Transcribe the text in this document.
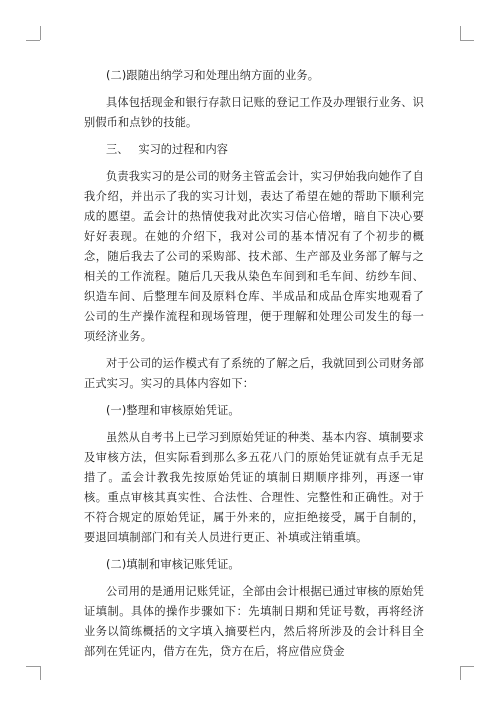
(二)跟随出纳学习和处理出纳方面的业务。

具体包括现金和银行存款日记账的登记工作及办理银行业务、识别假币和点钞的技能。

三、 实习的过程和内容

负责我实习的是公司的财务主管孟会计，实习伊始我向她作了自我介绍，并出示了我的实习计划，表达了希望在她的帮助下顺利完成的愿望。孟会计的热情使我对此次实习信心倍增，暗自下决心要好好表现。在她的介绍下，我对公司的基本情况有了个初步的概念，随后我去了公司的采购部、技术部、生产部及业务部了解与之相关的工作流程。随后几天我从染色车间到和毛车间、纺纱车间、织造车间、后整理车间及原料仓库、半成品和成品仓库实地观看了公司的生产操作流程和现场管理，便于理解和处理公司发生的每一项经济业务。

对于公司的运作模式有了系统的了解之后，我就回到公司财务部正式实习。实习的具体内容如下：

(一)整理和审核原始凭证。

虽然从自考书上已学习到原始凭证的种类、基本内容、填制要求及审核方法，但实际看到那么多五花八门的原始凭证就有点手无足措了。孟会计教我先按原始凭证的填制日期顺序排列，再逐一审核。重点审核其真实性、合法性、合理性、完整性和正确性。对于不符合规定的原始凭证，属于外来的，应拒绝接受，属于自制的，要退回填制部门和有关人员进行更正、补填或注销重填。

(二)填制和审核记账凭证。

公司用的是通用记账凭证，全部由会计根据已通过审核的原始凭证填制。具体的操作步骤如下：先填制日期和凭证号数，再将经济业务以简练概括的文字填入摘要栏内，然后将所涉及的会计科目全部列在凭证内，借方在先，贷方在后，将应借应贷金
